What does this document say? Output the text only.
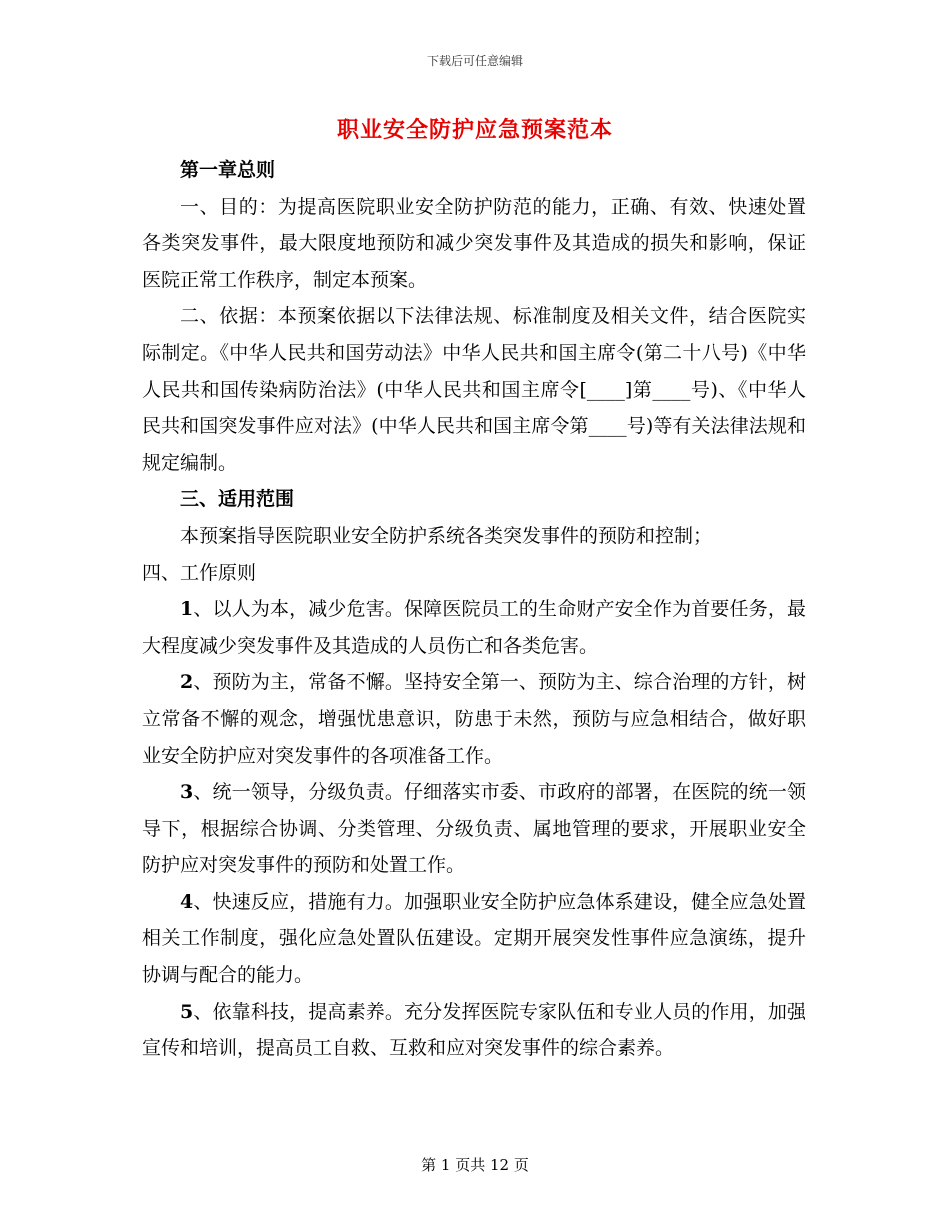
下载后可任意编辑
职业安全防护应急预案范本

第一章总则

一、目的：为提高医院职业安全防护防范的能力，正确、有效、快速处置各类突发事件，最大限度地预防和减少突发事件及其造成的损失和影响，保证医院正常工作秩序，制定本预案。

二、依据：本预案依据以下法律法规、标准制度及相关文件，结合医院实际制定。《中华人民共和国劳动法》中华人民共和国主席令(第二十八号)《中华人民共和国传染病防治法》(中华人民共和国主席令[____]第____号)、《中华人民共和国突发事件应对法》(中华人民共和国主席令第____号)等有关法律法规和规定编制。

三、适用范围

本预案指导医院职业安全防护系统各类突发事件的预防和控制；

四、工作原则

1、以人为本，减少危害。保障医院员工的生命财产安全作为首要任务，最大程度减少突发事件及其造成的人员伤亡和各类危害。

2、预防为主，常备不懈。坚持安全第一、预防为主、综合治理的方针，树立常备不懈的观念，增强忧患意识，防患于未然，预防与应急相结合，做好职业安全防护应对突发事件的各项准备工作。

3、统一领导，分级负责。仔细落实市委、市政府的部署，在医院的统一领导下，根据综合协调、分类管理、分级负责、属地管理的要求，开展职业安全防护应对突发事件的预防和处置工作。

4、快速反应，措施有力。加强职业安全防护应急体系建设，健全应急处置相关工作制度，强化应急处置队伍建设。定期开展突发性事件应急演练，提升协调与配合的能力。

5、依靠科技，提高素养。充分发挥医院专家队伍和专业人员的作用，加强宣传和培训，提高员工自救、互救和应对突发事件的综合素养。

第 1 页共 12 页
